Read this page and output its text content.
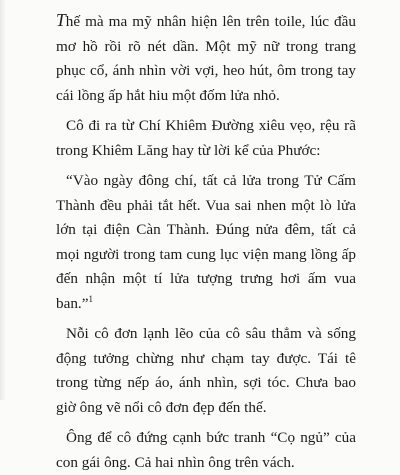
Thế mà ma mỹ nhân hiện lên trên toile, lúc đầu mơ hồ rồi rõ nét dần. Một mỹ nữ trong trang phục cổ, ánh nhìn vời vợi, heo hút, ôm trong tay cái lồng ấp hắt hiu một đốm lửa nhỏ.

Cô đi ra từ Chí Khiêm Đường xiêu vẹo, rệu rã trong Khiêm Lăng hay từ lời kể của Phước:

“Vào ngày đông chí, tất cả lửa trong Tử Cấm Thành đều phải tắt hết. Vua sai nhen một lò lửa lớn tại điện Càn Thành. Đúng nửa đêm, tất cả mọi người trong tam cung lục viện mang lồng ấp đến nhận một tí lửa tượng trưng hơi ấm vua ban.”$^1$

Nỗi cô đơn lạnh lẽo của cô sâu thẳm và sống động tưởng chừng như chạm tay được. Tái tê trong từng nếp áo, ánh nhìn, sợi tóc. Chưa bao giờ ông vẽ nổi cô đơn đẹp đến thế.

Ông để cô đứng cạnh bức tranh “Cọ ngủ” của con gái ông. Cả hai nhìn ông trên vách.
